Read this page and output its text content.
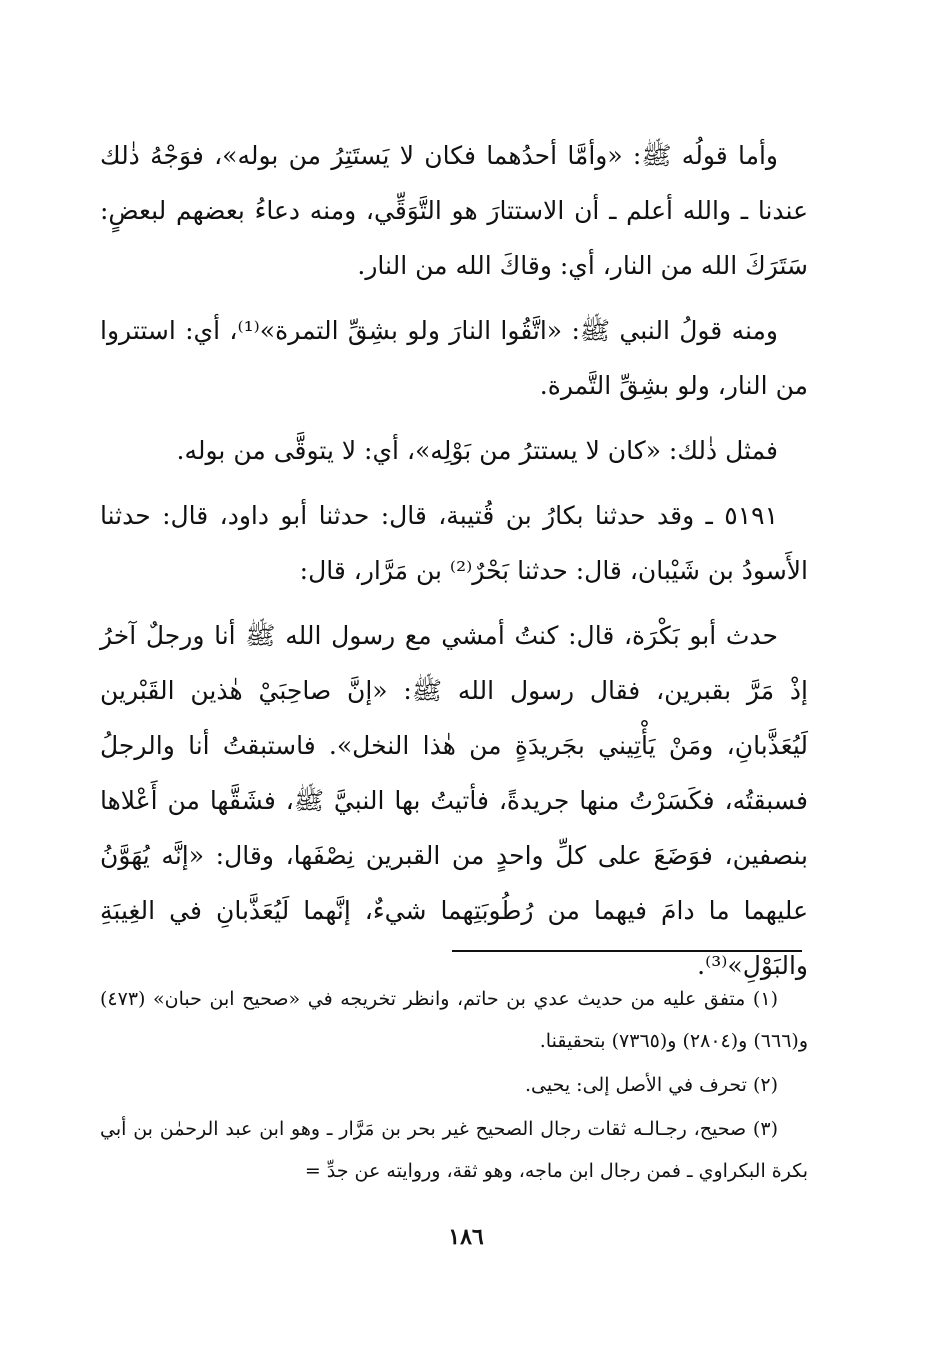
وأما قولُه ﷺ: «وأمَّا أحدُهما فكان لا يَستَتِرُ من بوله»، فوَجْهُ ذٰلك عندنا ـ والله أعلم ـ أن الاستتارَ هو التَّوَقِّي، ومنه دعاءُ بعضهم لبعضٍ: سَتَرَكَ الله من النار، أي: وقاكَ الله من النار.

ومنه قولُ النبي ﷺ: «اتَّقُوا النارَ ولو بشِقِّ التمرة»⁽¹⁾، أي: استتروا من النار، ولو بشِقِّ التَّمرة.

فمثل ذٰلك: «كان لا يستترُ من بَوْلِه»، أي: لا يتوقَّى من بوله.

٥١٩١ ـ وقد حدثنا بكارُ بن قُتيبة، قال: حدثنا أبو داود، قال: حدثنا الأَسودُ بن شَيْبان، قال: حدثنا بَحْرٌ⁽²⁾ بن مَرَّار، قال:

حدث أبو بَكْرَة، قال: كنتُ أمشي مع رسول الله ﷺ أنا ورجلٌ آخرُ إذْ مَرَّ بقبرين، فقال رسول الله ﷺ: «إنَّ صاحِبَيْ هٰذين القَبْرين لَيُعَذَّبانِ، ومَنْ يَأْتِيني بجَريدَةٍ من هٰذا النخل». فاستبقتُ أنا والرجلُ فسبقتُه، فكَسَرْتُ منها جريدةً، فأتيتُ بها النبيَّ ﷺ، فشَقَّها من أَعْلاها بنصفين، فوَضَعَ على كلِّ واحدٍ من القبرين نِصْفَها، وقال: «إنَّه يُهَوَّنُ عليهما ما دامَ فيهما من رُطُوبَتِهما شيءٌ، إنَّهما لَيُعَذَّبانِ في الغِيبَةِ والبَوْلِ»⁽³⁾.

(١) متفق عليه من حديث عدي بن حاتم، وانظر تخريجه في «صحيح ابن حبان» (٤٧٣) و(٦٦٦) و(٢٨٠٤) و(٧٣٦٥) بتحقيقنا.

(٢) تحرف في الأصل إلى: يحيى.

(٣) صحيح، رجـالـه ثقات رجال الصحيح غير بحر بن مَرَّار ـ وهو ابن عبد الرحمٰن بن أبي بكرة البكراوي ـ فمن رجال ابن ماجه، وهو ثقة، وروايته عن جدِّ =

١٨٦
